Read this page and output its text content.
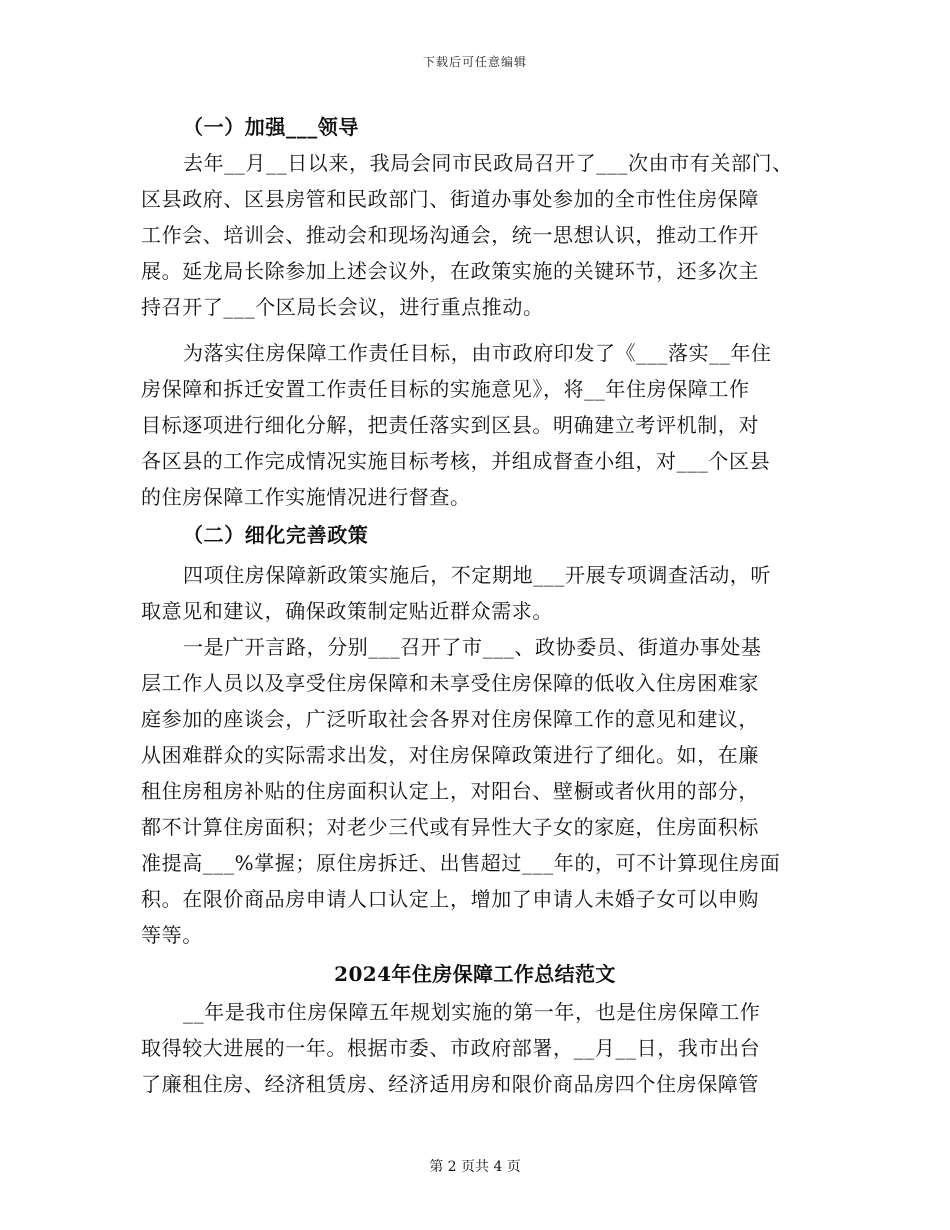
下载后可任意编辑
（一）加强___领导
去年__月__日以来，我局会同市民政局召开了___次由市有关部门、
区县政府、区县房管和民政部门、街道办事处参加的全市性住房保障
工作会、培训会、推动会和现场沟通会，统一思想认识，推动工作开
展。延龙局长除参加上述会议外，在政策实施的关键环节，还多次主
持召开了___个区局长会议，进行重点推动。
为落实住房保障工作责任目标，由市政府印发了《___落实__年住
房保障和拆迁安置工作责任目标的实施意见》，将__年住房保障工作
目标逐项进行细化分解，把责任落实到区县。明确建立考评机制，对
各区县的工作完成情况实施目标考核，并组成督查小组，对___个区县
的住房保障工作实施情况进行督查。
（二）细化完善政策
四项住房保障新政策实施后，不定期地___开展专项调查活动，听
取意见和建议，确保政策制定贴近群众需求。
一是广开言路，分别___召开了市___、政协委员、街道办事处基
层工作人员以及享受住房保障和未享受住房保障的低收入住房困难家
庭参加的座谈会，广泛听取社会各界对住房保障工作的意见和建议，
从困难群众的实际需求出发，对住房保障政策进行了细化。如，在廉
租住房租房补贴的住房面积认定上，对阳台、壁橱或者伙用的部分，
都不计算住房面积；对老少三代或有异性大子女的家庭，住房面积标
准提高___%掌握；原住房拆迁、出售超过___年的，可不计算现住房面
积。在限价商品房申请人口认定上，增加了申请人未婚子女可以申购
等等。
2024年住房保障工作总结范文
__年是我市住房保障五年规划实施的第一年，也是住房保障工作
取得较大进展的一年。根据市委、市政府部署，__月__日，我市出台
了廉租住房、经济租赁房、经济适用房和限价商品房四个住房保障管
第 2 页共 4 页
